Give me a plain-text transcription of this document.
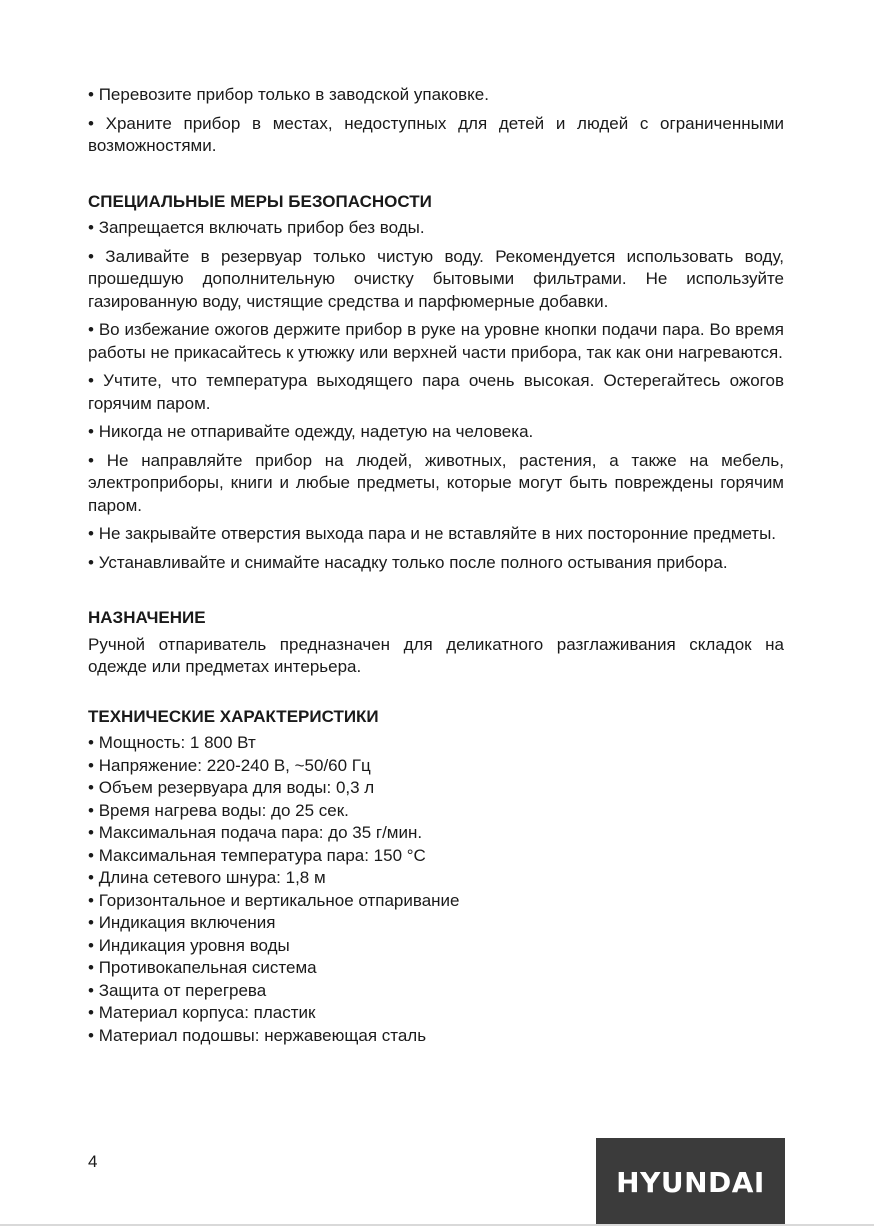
• Перевозите прибор только в заводской упаковке.

• Храните прибор в местах, недоступных для детей и людей с ограниченными возможностями.

СПЕЦИАЛЬНЫЕ МЕРЫ БЕЗОПАСНОСТИ

• Запрещается включать прибор без воды.

• Заливайте в резервуар только чистую воду. Рекомендуется использовать воду, прошедшую дополнительную очистку бытовыми фильтрами. Не используйте газированную воду, чистящие средства и парфюмерные добавки.

• Во избежание ожогов держите прибор в руке на уровне кнопки подачи пара. Во время работы не прикасайтесь к утюжку или верхней части прибора, так как они нагреваются.

• Учтите, что температура выходящего пара очень высокая. Остерегайтесь ожогов горячим паром.

• Никогда не отпаривайте одежду, надетую на человека.

• Не направляйте прибор на людей, животных, растения, а также на мебель, электроприборы, книги и любые предметы, которые могут быть повреждены горячим паром.

• Не закрывайте отверстия выхода пара и не вставляйте в них посторонние предметы.

• Устанавливайте и снимайте насадку только после полного остывания прибора.

НАЗНАЧЕНИЕ

Ручной отпариватель предназначен для деликатного разглаживания складок на одежде или предметах интерьера.

ТЕХНИЧЕСКИЕ ХАРАКТЕРИСТИКИ

• Мощность: 1 800 Вт

• Напряжение: 220-240 В, ~50/60 Гц

• Объем резервуара для воды: 0,3 л

• Время нагрева воды: до 25 сек.

• Максимальная подача пара: до 35 г/мин.

• Максимальная температура пара: 150 °C

• Длина сетевого шнура: 1,8 м

• Горизонтальное и вертикальное отпаривание

• Индикация включения

• Индикация уровня воды

• Противокапельная система

• Защита от перегрева

• Материал корпуса: пластик

• Материал подошвы: нержавеющая сталь

4
HYUNDAI
